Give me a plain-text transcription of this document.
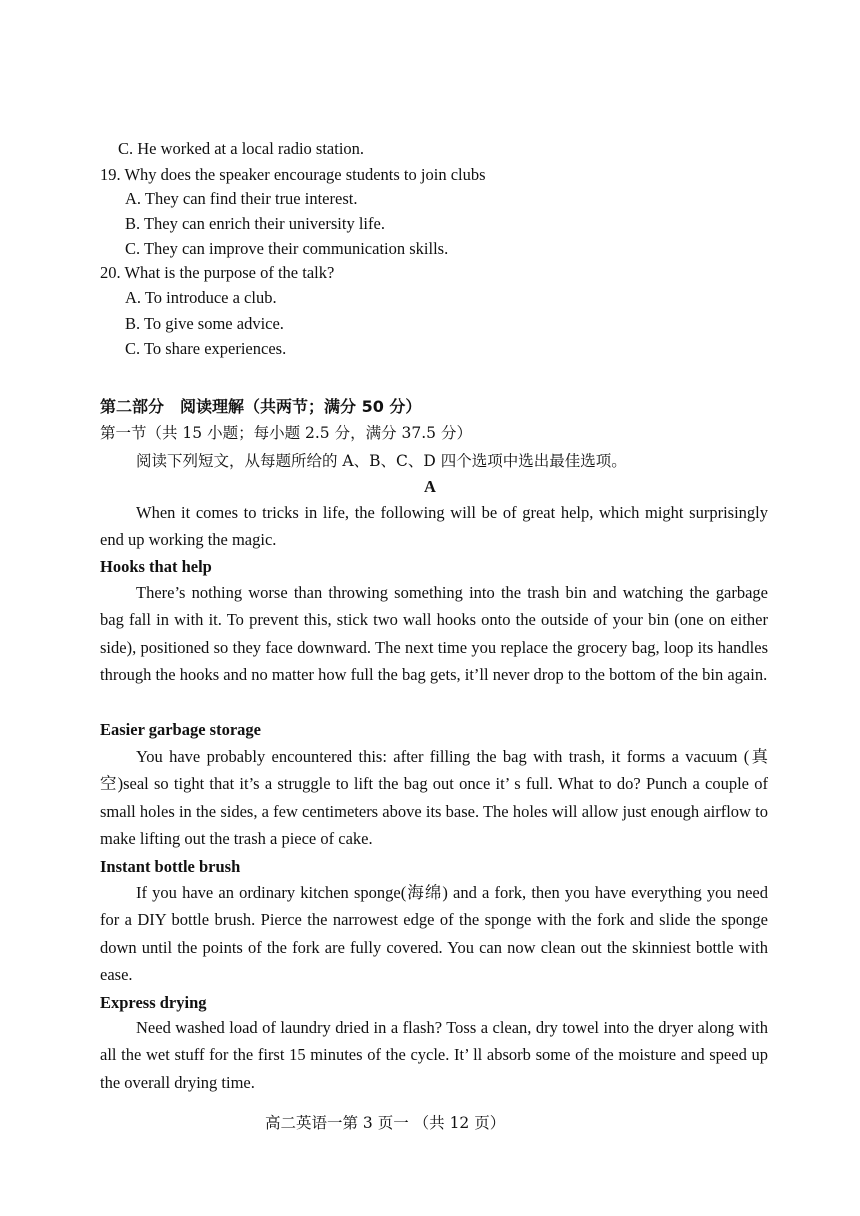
C. He worked at a local radio station.
19. Why does the speaker encourage students to join clubs
A. They can find their true interest.
B. They can enrich their university life.
C. They can improve their communication skills.
20. What is the purpose of the talk?
A. To introduce a club.
B. To give some advice.
C. To share experiences.
第二部分　阅读理解（共两节；满分 50 分）
第一节（共 15 小题；每小题 2.5 分，满分 37.5 分）
阅读下列短文，从每题所给的 A、B、C、D 四个选项中选出最佳选项。
A
When it comes to tricks in life, the following will be of great help, which might surprisingly end up working the magic.
Hooks that help
There’s nothing worse than throwing something into the trash bin and watching the garbage bag fall in with it. To prevent this, stick two wall hooks onto the outside of your bin (one on either side), positioned so they face downward. The next time you replace the grocery bag, loop its handles through the hooks and no matter how full the bag gets, it’ll never drop to the bottom of the bin again.
Easier garbage storage
You have probably encountered this: after filling the bag with trash, it forms a vacuum (真空)seal so tight that it’s a struggle to lift the bag out once it’ s full. What to do? Punch a couple of small holes in the sides, a few centimeters above its base. The holes will allow just enough airflow to make lifting out the trash a piece of cake.
Instant bottle brush
If you have an ordinary kitchen sponge(海绵) and a fork, then you have everything you need for a DIY bottle brush. Pierce the narrowest edge of the sponge with the fork and slide the sponge down until the points of the fork are fully covered. You can now clean out the skinniest bottle with ease.
Express drying
Need washed load of laundry dried in a flash? Toss a clean, dry towel into the dryer along with all the wet stuff for the first 15 minutes of the cycle. It’ ll absorb some of the moisture and speed up the overall drying time.
高二英语一第 3 页一 （共 12 页）
